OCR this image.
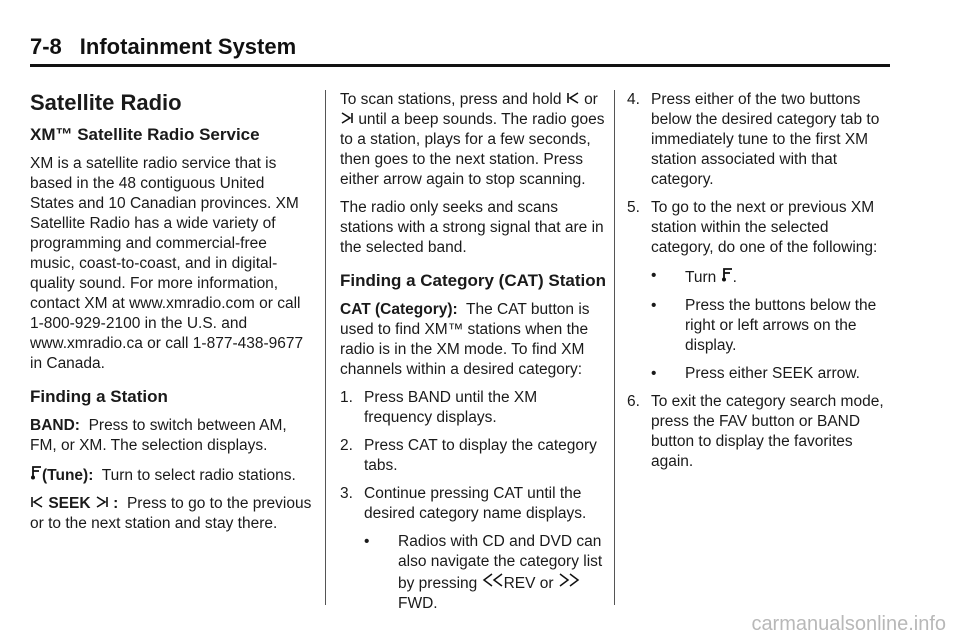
7-8 Infotainment System
Satellite Radio
XM™ Satellite Radio Service

XM is a satellite radio service that is based in the 48 contiguous United States and 10 Canadian provinces. XM Satellite Radio has a wide variety of programming and commercial-free music, coast-to-coast, and in digital-quality sound. For more information, contact XM at www.xmradio.com or call 1-800-929-2100 in the U.S. and www.xmradio.ca or call 1-877-438-9677 in Canada.

Finding a Station

BAND: Press to switch between AM, FM, or XM. The selection displays.

(Tune): Turn to select radio stations.

SEEK : Press to go to the previous or to the next station and stay there.

To scan stations, press and hold or  until a beep sounds. The radio goes to a station, plays for a few seconds, then goes to the next station. Press either arrow again to stop scanning.

The radio only seeks and scans stations with a strong signal that are in the selected band.

Finding a Category (CAT) Station

CAT (Category): The CAT button is used to find XM™ stations when the radio is in the XM mode. To find XM channels within a desired category:

1. Press BAND until the XM frequency displays.
2. Press CAT to display the category tabs.
3. Continue pressing CAT until the desired category name displays.
• Radios with CD and DVD can also navigate the category list by pressing REV or FWD.
4. Press either of the two buttons below the desired category tab to immediately tune to the first XM station associated with that category.
5. To go to the next or previous XM station within the selected category, do one of the following:
• Turn .
• Press the buttons below the right or left arrows on the display.
• Press either SEEK arrow.
6. To exit the category search mode, press the FAV button or BAND button to display the favorites again.
carmanualsonline.info
